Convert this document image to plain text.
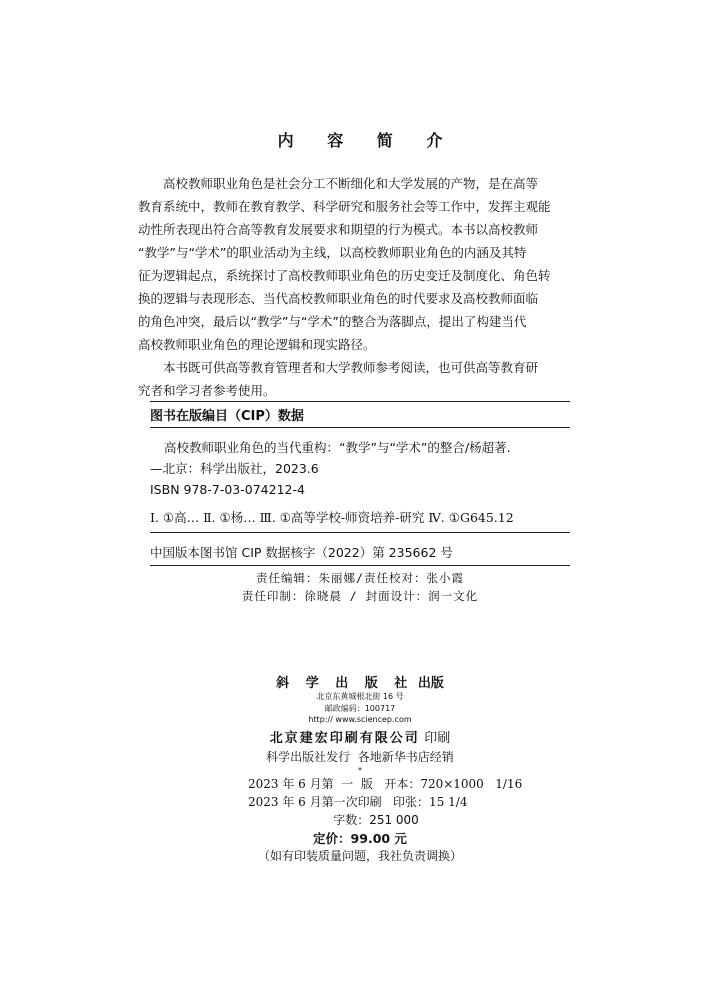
内 容 简 介

高校教师职业角色是社会分工不断细化和大学发展的产物，是在高等
教育系统中，教师在教育教学、科学研究和服务社会等工作中，发挥主观能
动性所表现出符合高等教育发展要求和期望的行为模式。本书以高校教师
“教学”与“学术”的职业活动为主线，以高校教师职业角色的内涵及其特
征为逻辑起点，系统探讨了高校教师职业角色的历史变迁及制度化、角色转
换的逻辑与表现形态、当代高校教师职业角色的时代要求及高校教师面临
的角色冲突，最后以“教学”与“学术”的整合为落脚点，提出了构建当代
高校教师职业角色的理论逻辑和现实路径。

本书既可供高等教育管理者和大学教师参考阅读，也可供高等教育研
究者和学习者参考使用。

图书在版编目（CIP）数据
高校教师职业角色的当代重构：“教学”与“学术”的整合/杨超著.
—北京：科学出版社，2023.6
ISBN 978-7-03-074212-4
Ⅰ. ①高… Ⅱ. ①杨… Ⅲ. ①高等学校-师资培养-研究 Ⅳ. ①G645.12
中国版本图书馆 CIP 数据核字（2022）第 235662 号
责任编辑：朱丽娜/责任校对：张小霞
责任印制：徐晓晨 / 封面设计：润一文化
斜 学 出 版 社 出版
北京东黄城根北街 16 号
邮政编码：100717
http:// www.sciencep.com
北京建宏印刷有限公司 印刷
科学出版社发行  各地新华书店经销
*
2023 年 6 月第  一  版   开本：720×1000   1/16
2023 年 6 月第一次印刷   印张：15 1/4
字数：251 000
定价：99.00 元
（如有印装质量问题，我社负责调换）
